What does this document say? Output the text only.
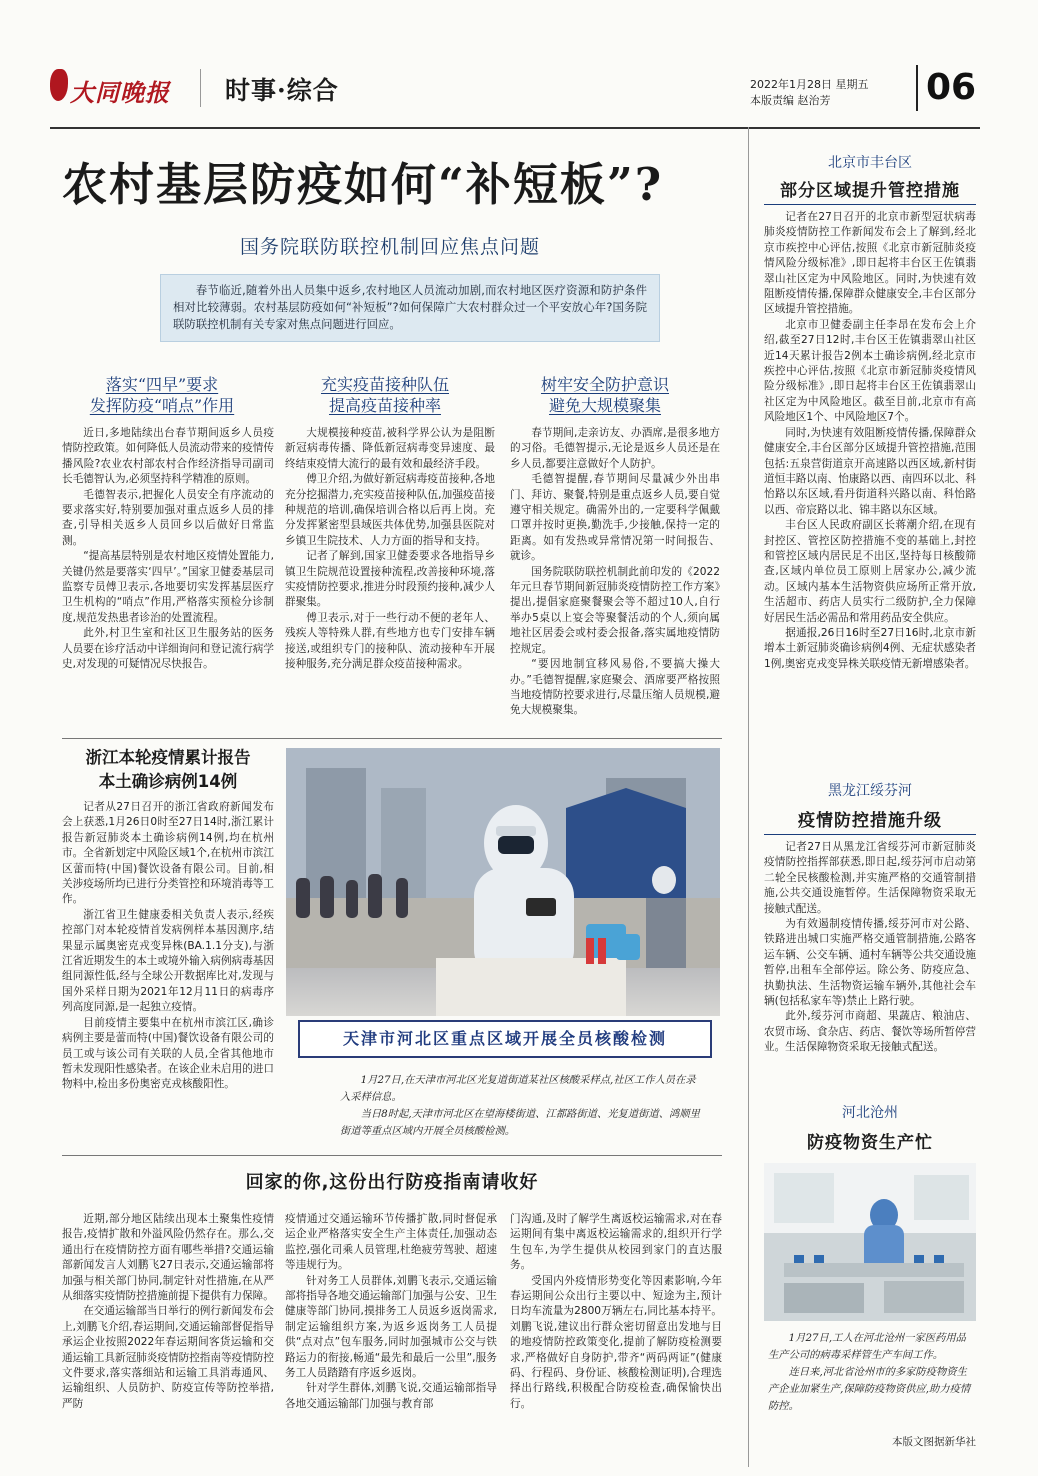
大同晚报 时事·综合	2022年1月28日 星期五
本版责编 赵治芳	06
农村基层防疫如何“补短板”?
国务院联防联控机制回应焦点问题
春节临近,随着外出人员集中返乡,农村地区人员流动加剧,而农村地区医疗资源和防护条件相对比较薄弱。农村基层防疫如何“补短板”?如何保障广大农村群众过一个平安放心年?国务院联防联控机制有关专家对焦点问题进行回应。
落实“四早”要求
发挥防疫“哨点”作用
充实疫苗接种队伍
提高疫苗接种率
树牢安全防护意识
避免大规模聚集

近日,多地陆续出台春节期间返乡人员疫情防控政策。如何降低人员流动带来的疫情传播风险?农业农村部农村合作经济指导司副司长毛德智认为,必须坚持科学精准的原则。

毛德智表示,把握化人员安全有序流动的要求落实好,特别要加强对重点返乡人员的排查,引导相关返乡人员回乡以后做好日常监测。

“提高基层特别是农村地区疫情处置能力,关键仍然是要落实‘四早’。”国家卫健委基层司监察专员傅卫表示,各地要切实发挥基层医疗卫生机构的“哨点”作用,严格落实预检分诊制度,规范发热患者诊治的处置流程。

此外,村卫生室和社区卫生服务站的医务人员要在诊疗活动中详细询问和登记流行病学史,对发现的可疑情况尽快报告。

大规模接种疫苗,被科学界公认为是阻断新冠病毒传播、降低新冠病毒变异速度、最终结束疫情大流行的最有效和最经济手段。

傅卫介绍,为做好新冠病毒疫苗接种,各地充分挖掘潜力,充实疫苗接种队伍,加强疫苗接种规范的培训,确保培训合格以后再上岗。充分发挥紧密型县域医共体优势,加强县医院对乡镇卫生院技术、人力方面的指导和支持。

记者了解到,国家卫健委要求各地指导乡镇卫生院规范设置接种流程,改善接种环境,落实疫情防控要求,推进分时段预约接种,减少人群聚集。

傅卫表示,对于一些行动不便的老年人、残疾人等特殊人群,有些地方也专门安排车辆接送,或组织专门的接种队、流动接种车开展接种服务,充分满足群众疫苗接种需求。

春节期间,走亲访友、办酒席,是很多地方的习俗。毛德智提示,无论是返乡人员还是在乡人员,都要注意做好个人防护。

毛德智提醒,春节期间尽量减少外出串门、拜访、聚餐,特别是重点返乡人员,要自觉遵守相关规定。确需外出的,一定要科学佩戴口罩并按时更换,勤洗手,少接触,保持一定的距离。如有发热或异常情况第一时间报告、就诊。

国务院联防联控机制此前印发的《2022年元旦春节期间新冠肺炎疫情防控工作方案》提出,提倡家庭聚餐聚会等不超过10人,自行举办5桌以上宴会等聚餐活动的个人,须向属地社区居委会或村委会报备,落实属地疫情防控规定。

“要因地制宜移风易俗,不要搞大操大办。”毛德智提醒,家庭聚会、酒席要严格按照当地疫情防控要求进行,尽量压缩人员规模,避免大规模聚集。

浙江本轮疫情累计报告
本土确诊病例14例

记者从27日召开的浙江省政府新闻发布会上获悉,1月26日0时至27日14时,浙江累计报告新冠肺炎本土确诊病例14例,均在杭州市。全省新划定中风险区域1个,在杭州市滨江区蕾而特(中国)餐饮设备有限公司。目前,相关涉疫场所均已进行分类管控和环境消毒等工作。

浙江省卫生健康委相关负责人表示,经疾控部门对本轮疫情首发病例样本基因测序,结果显示属奥密克戎变异株(BA.1.1分支),与浙江省近期发生的本土或境外输入病例病毒基因组同源性低,经与全球公开数据库比对,发现与国外采样日期为2021年12月11日的病毒序列高度同源,是一起独立疫情。

目前疫情主要集中在杭州市滨江区,确诊病例主要是蕾而特(中国)餐饮设备有限公司的员工或与该公司有关联的人员,全省其他地市暂未发现阳性感染者。在该企业未启用的进口物料中,检出多份奥密克戎核酸阳性。

天津市河北区重点区域开展全员核酸检测

1月27日,在天津市河北区光复道街道某社区核酸采样点,社区工作人员在录入采样信息。

当日8时起,天津市河北区在望海楼街道、江都路街道、光复道街道、鸿顺里街道等重点区域内开展全员核酸检测。

回家的你,这份出行防疫指南请收好

近期,部分地区陆续出现本土聚集性疫情报告,疫情扩散和外溢风险仍然存在。那么,交通出行在疫情防控方面有哪些举措?交通运输部新闻发言人刘鹏飞27日表示,交通运输部将加强与相关部门协同,制定针对性措施,在从严从细落实疫情防控措施前提下提供有力保障。

在交通运输部当日举行的例行新闻发布会上,刘鹏飞介绍,春运期间,交通运输部督促指导承运企业按照2022年春运期间客货运输和交通运输工具新冠肺炎疫情防控指南等疫情防控文件要求,落实落细站和运输工具消毒通风、运输组织、人员防护、防疫宣传等防控举措,严防

疫情通过交通运输环节传播扩散,同时督促承运企业严格落实安全生产主体责任,加强动态监控,强化司乘人员管理,杜绝疲劳驾驶、超速等违规行为。

针对务工人员群体,刘鹏飞表示,交通运输部将指导各地交通运输部门加强与公安、卫生健康等部门协同,摸排务工人员返乡返岗需求,制定运输组织方案,为返乡返岗务工人员提供“点对点”包车服务,同时加强城市公交与铁路运力的衔接,畅通“最先和最后一公里”,服务务工人员踏踏有序返乡返岗。

针对学生群体,刘鹏飞说,交通运输部指导各地交通运输部门加强与教育部

门沟通,及时了解学生离返校运输需求,对在春运期间有集中离返校运输需求的,组织开行学生包车,为学生提供从校园到家门的直达服务。

受国内外疫情形势变化等因素影响,今年春运期间公众出行主要以中、短途为主,预计日均车流量为2800万辆左右,同比基本持平。刘鹏飞说,建议出行群众密切留意出发地与目的地疫情防控政策变化,提前了解防疫检测要求,严格做好自身防护,带齐“两码两证”(健康码、行程码、身份证、核酸检测证明),合理选择出行路线,积极配合防疫检查,确保愉快出行。

北京市丰台区
部分区域提升管控措施

记者在27日召开的北京市新型冠状病毒肺炎疫情防控工作新闻发布会上了解到,经北京市疾控中心评估,按照《北京市新冠肺炎疫情风险分级标准》,即日起将丰台区王佐镇翡翠山社区定为中风险地区。同时,为快速有效阻断疫情传播,保障群众健康安全,丰台区部分区域提升管控措施。

北京市卫健委副主任李昂在发布会上介绍,截至27日12时,丰台区王佐镇翡翠山社区近14天累计报告2例本土确诊病例,经北京市疾控中心评估,按照《北京市新冠肺炎疫情风险分级标准》,即日起将丰台区王佐镇翡翠山社区定为中风险地区。截至目前,北京市有高风险地区1个、中风险地区7个。

同时,为快速有效阻断疫情传播,保障群众健康安全,丰台区部分区域提升管控措施,范围包括:五泉营街道京开高速路以西区域,新村街道恒丰路以南、怡康路以西、南四环以北、科怡路以东区域,看丹街道科兴路以南、科怡路以西、帝宸路以北、锦丰路以东区域。

丰台区人民政府副区长蒋潮介绍,在现有封控区、管控区防控措施不变的基础上,封控和管控区域内居民足不出区,坚持每日核酸筛查,区域内单位员工原则上居家办公,减少流动。区域内基本生活物资供应场所正常开放,生活超市、药店人员实行二级防护,全力保障好居民生活必需品和常用药品安全供应。

据通报,26日16时至27日16时,北京市新增本土新冠肺炎确诊病例4例、无症状感染者1例,奥密克戎变异株关联疫情无新增感染者。

黑龙江绥芬河
疫情防控措施升级

记者27日从黑龙江省绥芬河市新冠肺炎疫情防控指挥部获悉,即日起,绥芬河市启动第二轮全民核酸检测,并实施严格的交通管制措施,公共交通设施暂停。生活保障物资采取无接触式配送。

为有效遏制疫情传播,绥芬河市对公路、铁路进出城口实施严格交通管制措施,公路客运车辆、公交车辆、通村车辆等公共交通设施暂停,出租车全部停运。除公务、防疫应急、执勤执法、生活物资运输车辆外,其他社会车辆(包括私家车等)禁止上路行驶。

此外,绥芬河市商超、果蔬店、粮油店、农贸市场、食杂店、药店、餐饮等场所暂停营业。生活保障物资采取无接触式配送。

河北沧州
防疫物资生产忙

1月27日,工人在河北沧州一家医药用品生产公司的病毒采样管生产车间工作。

连日来,河北省沧州市的多家防疫物资生产企业加紧生产,保障防疫物资供应,助力疫情防控。

本版文图据新华社
